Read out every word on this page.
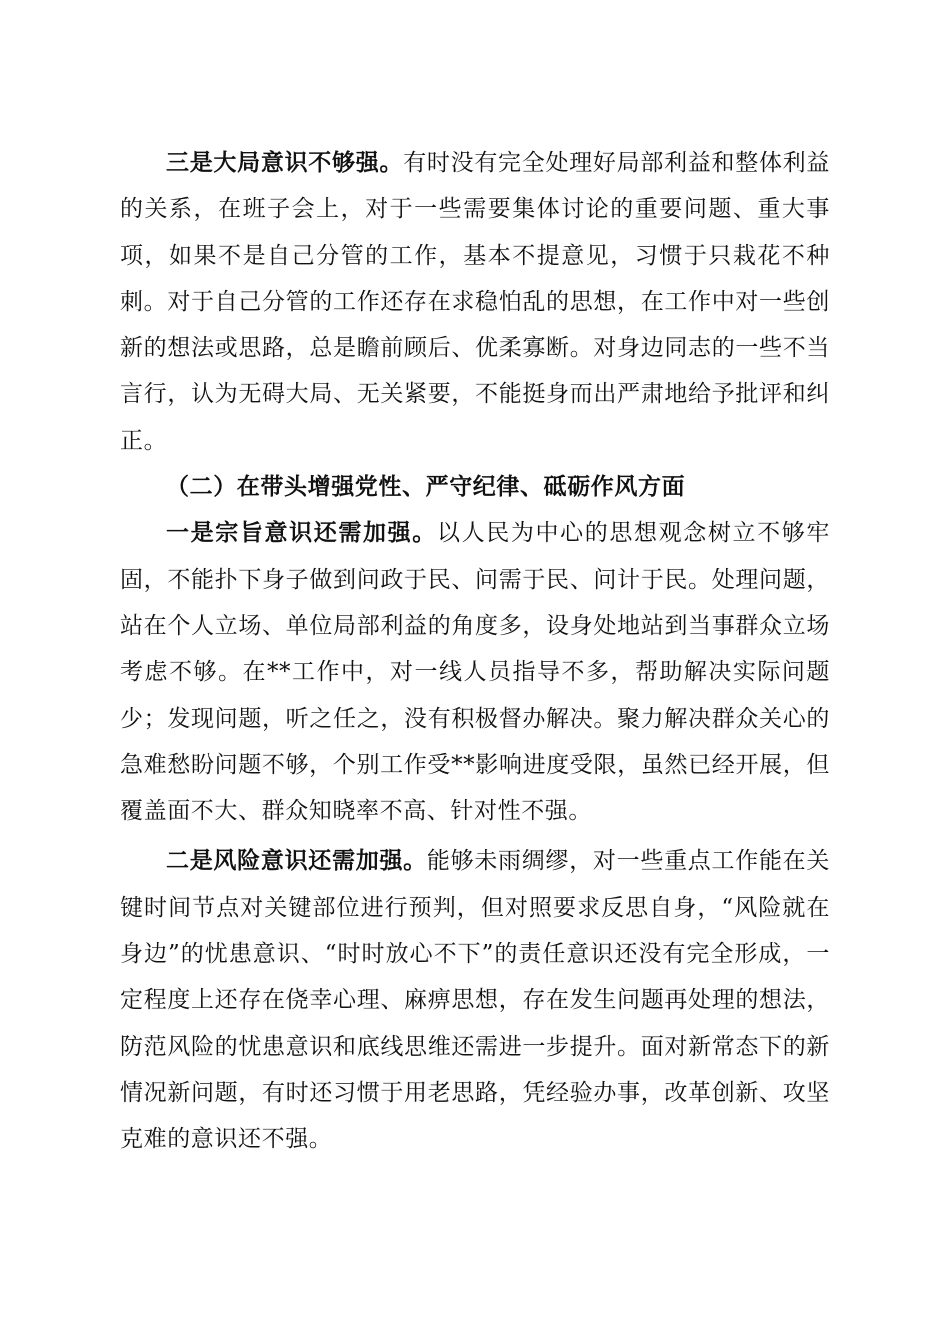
三是大局意识不够强。有时没有完全处理好局部利益和整体利益的关系，在班子会上，对于一些需要集体讨论的重要问题、重大事项，如果不是自己分管的工作，基本不提意见，习惯于只栽花不种刺。对于自己分管的工作还存在求稳怕乱的思想，在工作中对一些创新的想法或思路，总是瞻前顾后、优柔寡断。对身边同志的一些不当言行，认为无碍大局、无关紧要，不能挺身而出严肃地给予批评和纠正。

（二）在带头增强党性、严守纪律、砥砺作风方面

一是宗旨意识还需加强。以人民为中心的思想观念树立不够牢固，不能扑下身子做到问政于民、问需于民、问计于民。处理问题，站在个人立场、单位局部利益的角度多，设身处地站到当事群众立场考虑不够。在**工作中，对一线人员指导不多，帮助解决实际问题少；发现问题，听之任之，没有积极督办解决。聚力解决群众关心的急难愁盼问题不够，个别工作受**影响进度受限，虽然已经开展，但覆盖面不大、群众知晓率不高、针对性不强。

二是风险意识还需加强。能够未雨绸缪，对一些重点工作能在关键时间节点对关键部位进行预判，但对照要求反思自身，“风险就在身边”的忧患意识、“时时放心不下”的责任意识还没有完全形成，一定程度上还存在侥幸心理、麻痹思想，存在发生问题再处理的想法，防范风险的忧患意识和底线思维还需进一步提升。面对新常态下的新情况新问题，有时还习惯于用老思路，凭经验办事，改革创新、攻坚克难的意识还不强。
